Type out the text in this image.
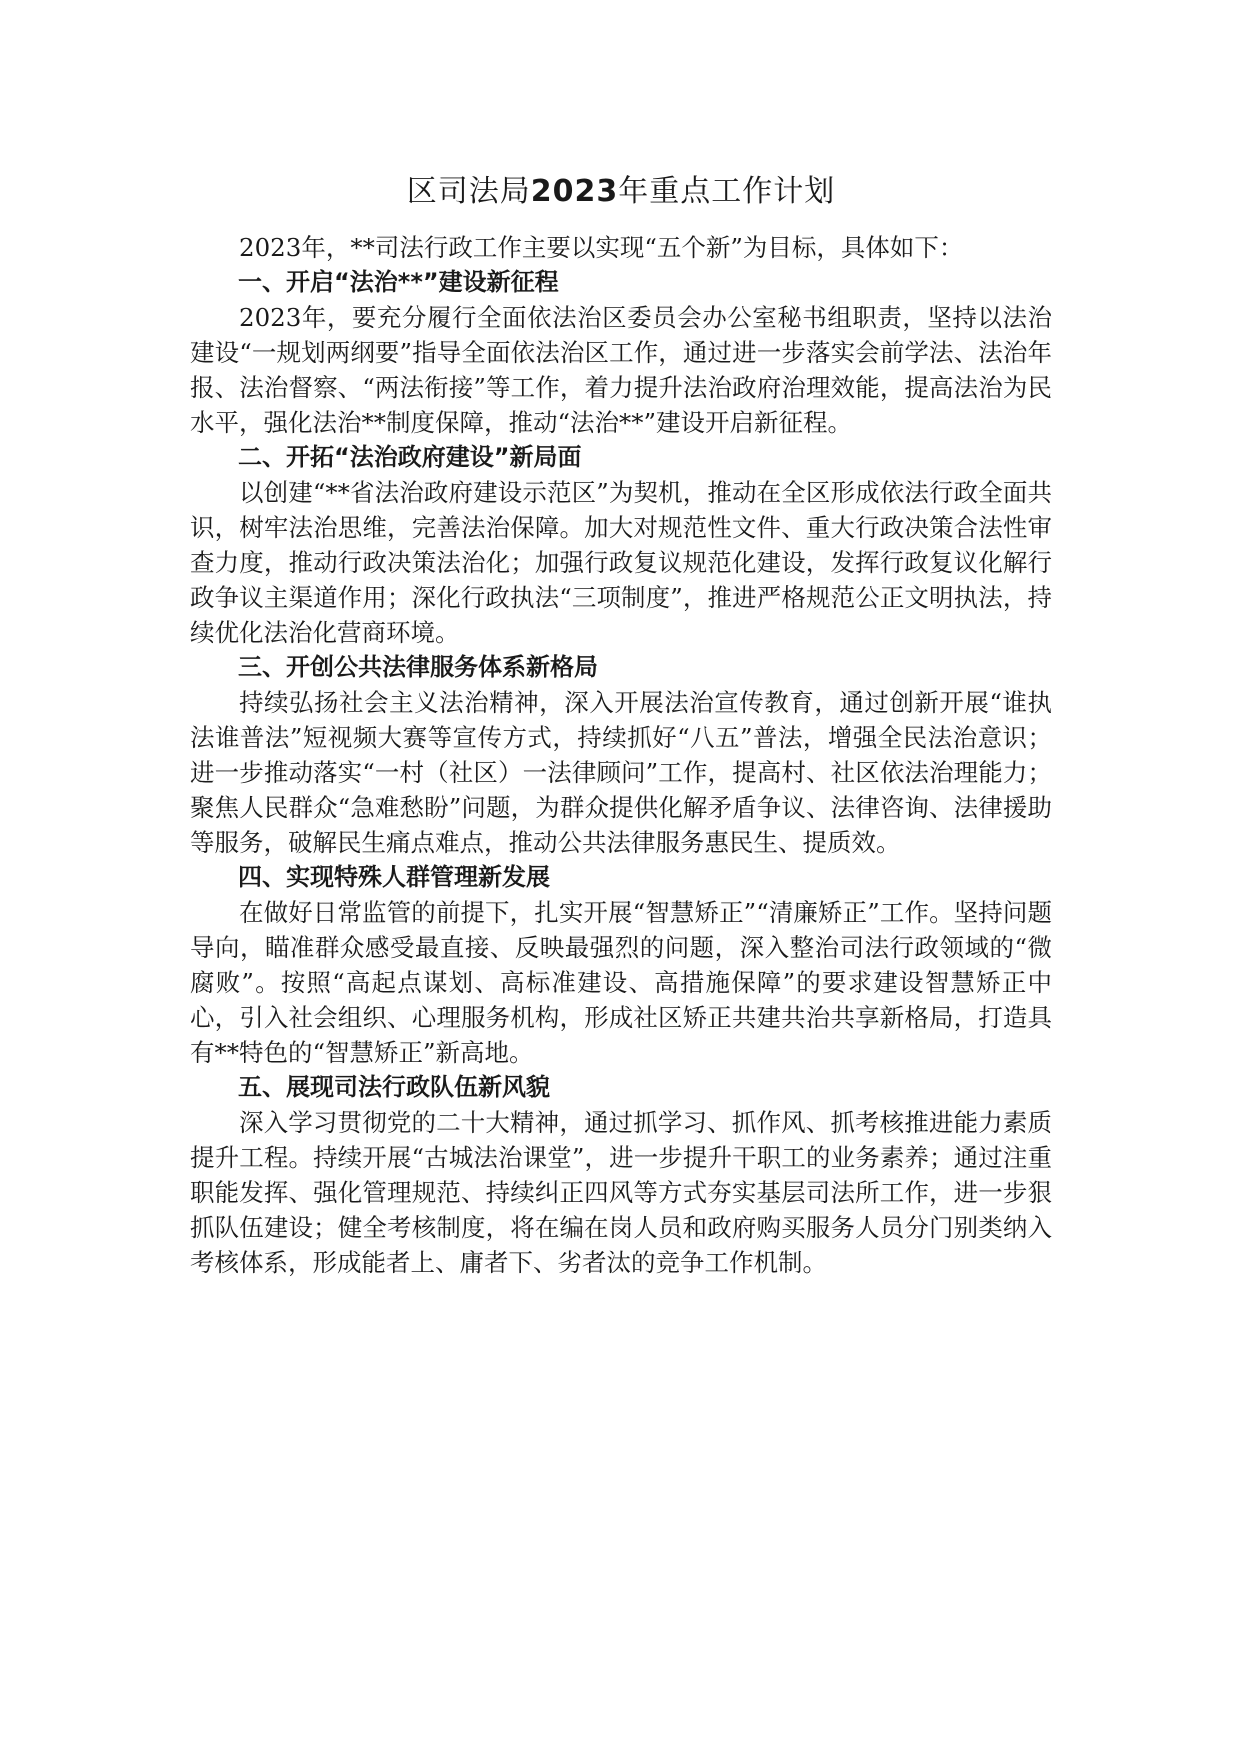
区司法局2023年重点工作计划

2023年，**司法行政工作主要以实现“五个新”为目标，具体如下：

一、开启“法治**”建设新征程

2023年，要充分履行全面依法治区委员会办公室秘书组职责，坚持以法治建设“一规划两纲要”指导全面依法治区工作，通过进一步落实会前学法、法治年报、法治督察、“两法衔接”等工作，着力提升法治政府治理效能，提高法治为民水平，强化法治**制度保障，推动“法治**”建设开启新征程。

二、开拓“法治政府建设”新局面

以创建“**省法治政府建设示范区”为契机，推动在全区形成依法行政全面共识，树牢法治思维，完善法治保障。加大对规范性文件、重大行政决策合法性审查力度，推动行政决策法治化；加强行政复议规范化建设，发挥行政复议化解行政争议主渠道作用；深化行政执法“三项制度”，推进严格规范公正文明执法，持续优化法治化营商环境。

三、开创公共法律服务体系新格局

持续弘扬社会主义法治精神，深入开展法治宣传教育，通过创新开展“谁执法谁普法”短视频大赛等宣传方式，持续抓好“八五”普法，增强全民法治意识；进一步推动落实“一村（社区）一法律顾问”工作，提高村、社区依法治理能力；聚焦人民群众“急难愁盼”问题，为群众提供化解矛盾争议、法律咨询、法律援助等服务，破解民生痛点难点，推动公共法律服务惠民生、提质效。

四、实现特殊人群管理新发展

在做好日常监管的前提下，扎实开展“智慧矫正”“清廉矫正”工作。坚持问题导向，瞄准群众感受最直接、反映最强烈的问题，深入整治司法行政领域的“微腐败”。按照“高起点谋划、高标准建设、高措施保障”的要求建设智慧矫正中心，引入社会组织、心理服务机构，形成社区矫正共建共治共享新格局，打造具有**特色的“智慧矫正”新高地。

五、展现司法行政队伍新风貌

深入学习贯彻党的二十大精神，通过抓学习、抓作风、抓考核推进能力素质提升工程。持续开展“古城法治课堂”，进一步提升干职工的业务素养；通过注重职能发挥、强化管理规范、持续纠正四风等方式夯实基层司法所工作，进一步狠抓队伍建设；健全考核制度，将在编在岗人员和政府购买服务人员分门别类纳入考核体系，形成能者上、庸者下、劣者汰的竞争工作机制。
